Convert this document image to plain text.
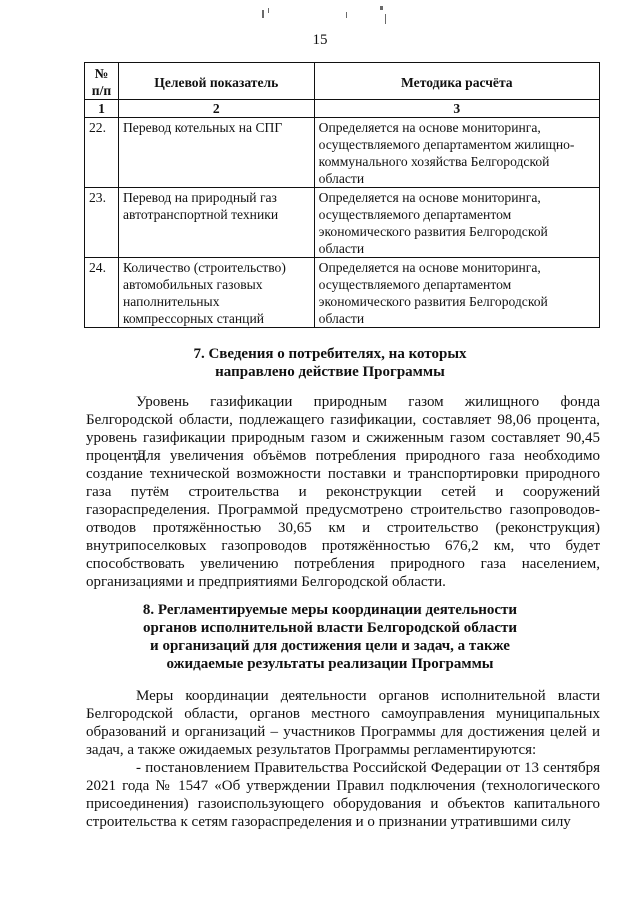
15
№ п/п	Целевой показатель	Методика расчёта
1	2	3
22.	Перевод котельных на СПГ	Определяется на основе мониторинга, осуществляемого департаментом жилищно-коммунального хозяйства Белгородской области
23.	Перевод на природный газ автотранспортной техники	Определяется на основе мониторинга, осуществляемого департаментом экономического развития Белгородской области
24.	Количество (строительство) автомобильных газовых наполнительных компрессорных станций	Определяется на основе мониторинга, осуществляемого департаментом экономического развития Белгородской области
7. Сведения о потребителях, на которых
направлено действие Программы
Уровень газификации природным газом жилищного фонда Белгородской области, подлежащего газификации, составляет 98,06 процента, уровень газификации природным газом и сжиженным газом составляет 90,45 процента.
Для увеличения объёмов потребления природного газа необходимо создание технической возможности поставки и транспортировки природного газа путём строительства и реконструкции сетей и сооружений газораспределения. Программой предусмотрено строительство газопроводов-отводов протяжённостью 30,65 км и строительство (реконструкция) внутрипоселковых газопроводов протяжённостью 676,2 км, что будет способствовать увеличению потребления природного газа населением, организациями и предприятиями Белгородской области.
8. Регламентируемые меры координации деятельности
органов исполнительной власти Белгородской области
и организаций для достижения цели и задач, а также
ожидаемые результаты реализации Программы
Меры координации деятельности органов исполнительной власти Белгородской области, органов местного самоуправления муниципальных образований и организаций – участников Программы для достижения целей и задач, а также ожидаемых результатов Программы регламентируются:
- постановлением Правительства Российской Федерации от 13 сентября 2021 года № 1547 «Об утверждении Правил подключения (технологического присоединения) газоиспользующего оборудования и объектов капитального строительства к сетям газораспределения и о признании утратившими силу
